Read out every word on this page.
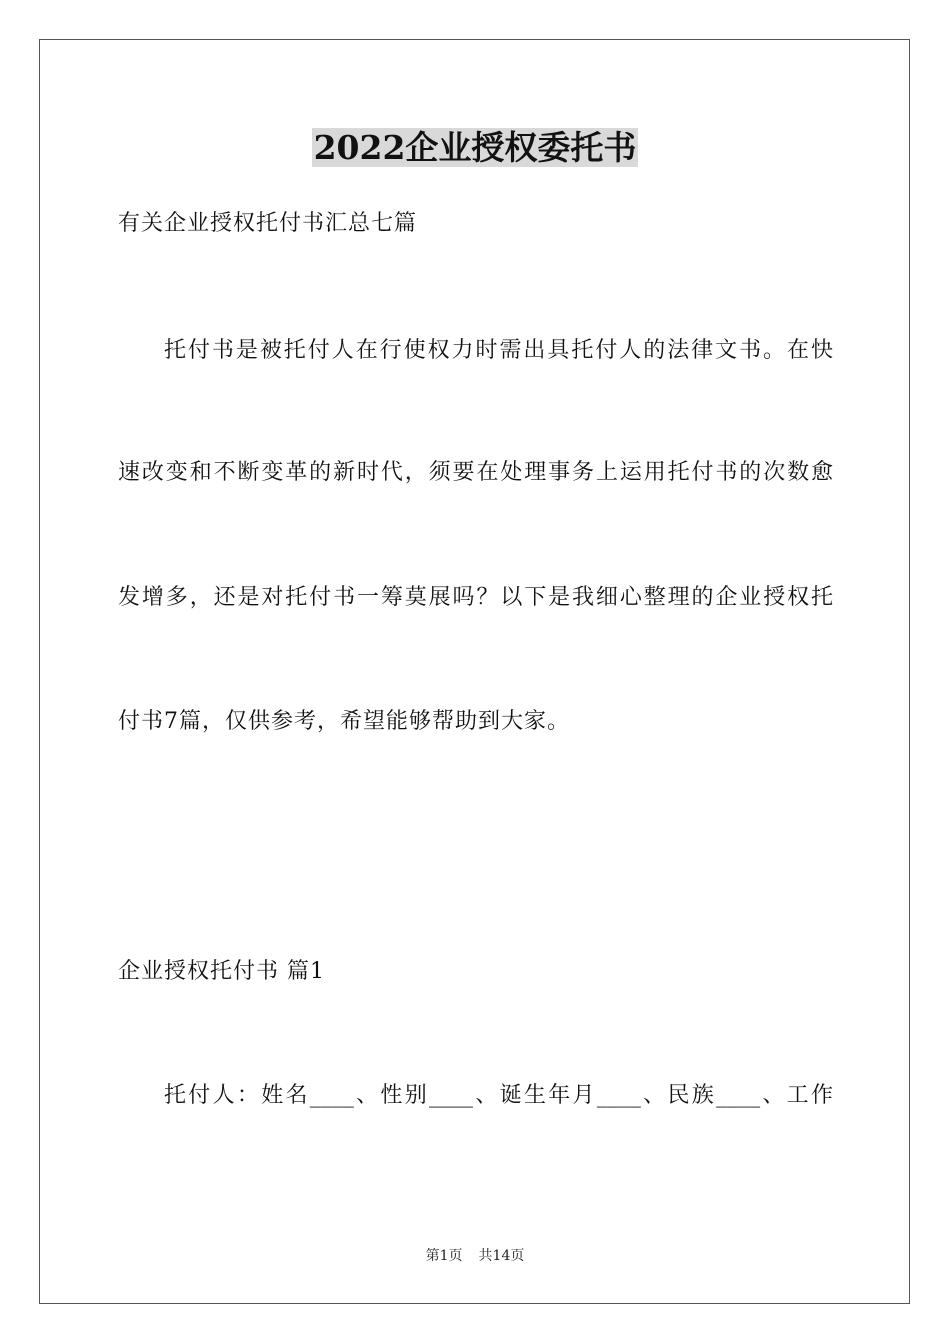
2022企业授权委托书
有关企业授权托付书汇总七篇
托付书是被托付人在行使权力时需出具托付人的法律文书。在快
速改变和不断变革的新时代，须要在处理事务上运用托付书的次数愈
发增多，还是对托付书一筹莫展吗？以下是我细心整理的企业授权托
付书7篇，仅供参考，希望能够帮助到大家。
企业授权托付书 篇1
托付人：姓名____、性别____、诞生年月____、民族____、工作
第1页 共14页
